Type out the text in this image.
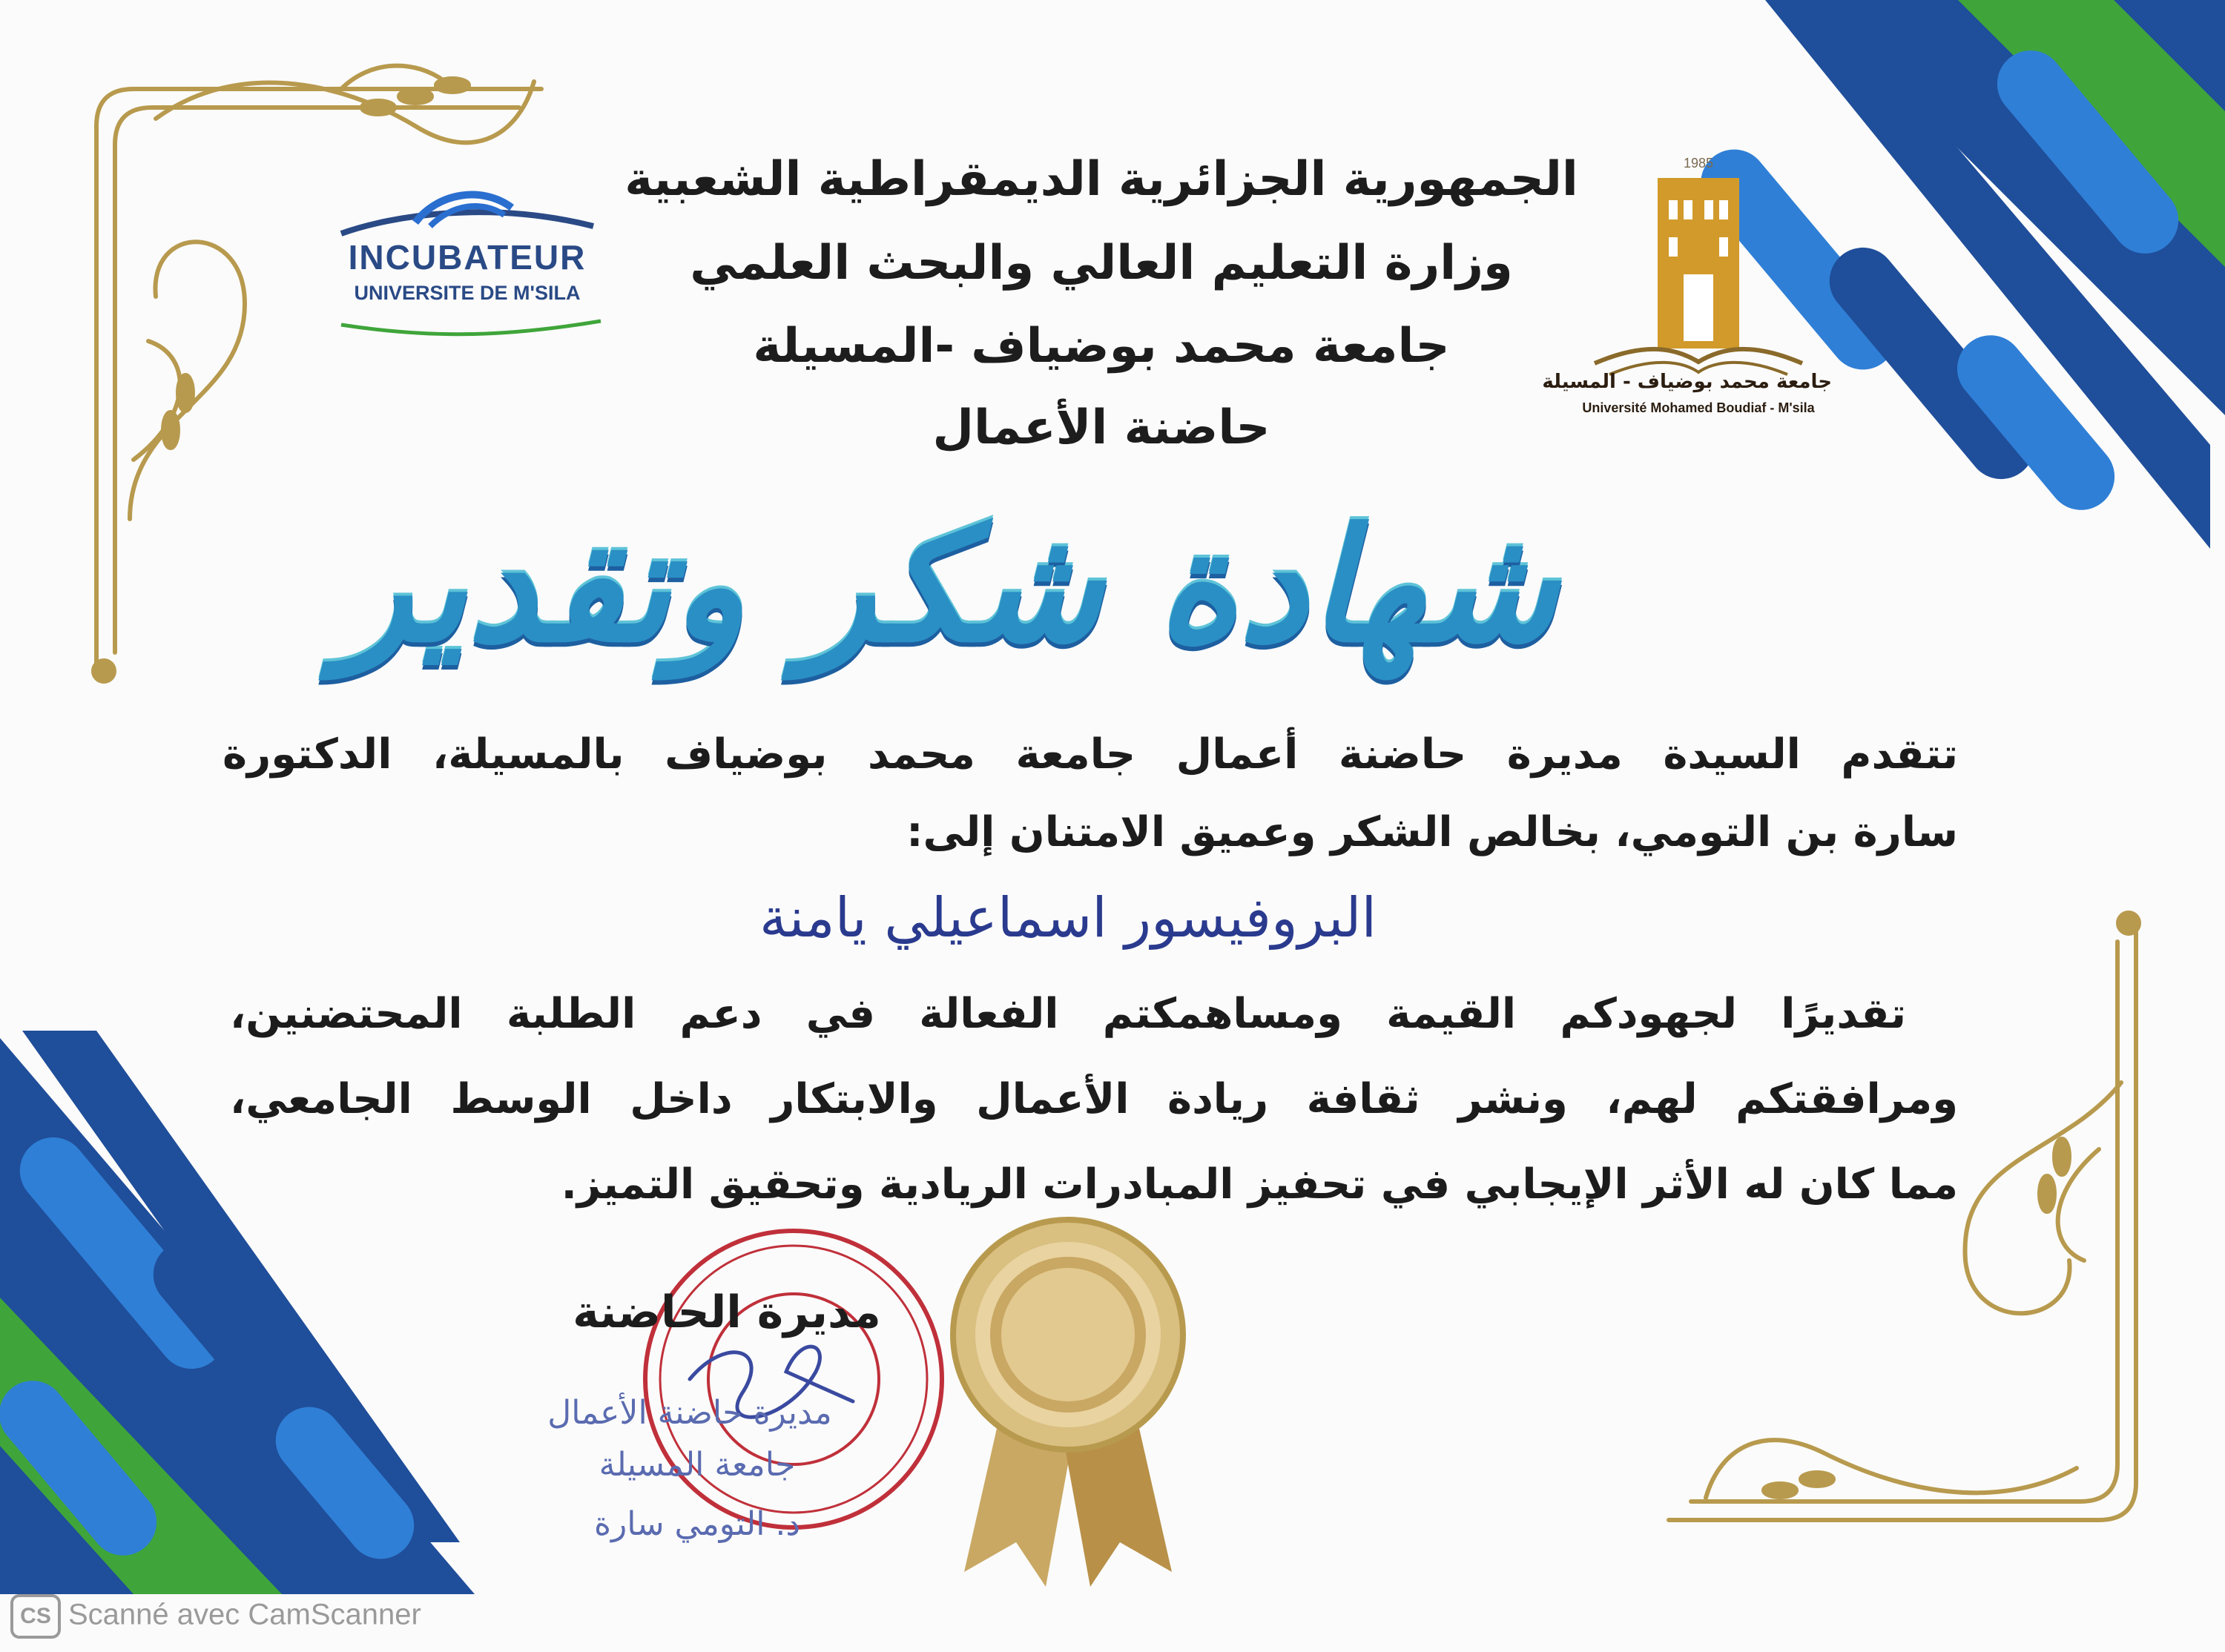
INCUBATEUR
UNIVERSITE DE M'SILA
1985
جامعة محمد بوضياف - المسيلة
Université Mohamed Boudiaf - M'sila
الجمهورية الجزائرية الديمقراطية الشعبية
وزارة التعليم العالي والبحث العلمي
جامعة محمد بوضياف -المسيلة
حاضنة الأعمال
شهادة شكر وتقدير
تتقدم السيدة مديرة حاضنة أعمال جامعة محمد بوضياف بالمسيلة، الدكتورة
سارة بن التومي، بخالص الشكر وعميق الامتنان إلى:
البروفيسور اسماعيلي يامنة
تقديرًا لجهودكم القيمة ومساهمكتم الفعالة في دعم الطلبة المحتضنين،
ومرافقتكم لهم، ونشر ثقافة ريادة الأعمال والابتكار داخل الوسط الجامعي،
مما كان له الأثر الإيجابي في تحفيز المبادرات الريادية وتحقيق التميز.
مديرة الحاضنة
مديرة حاضنة الأعمال
جامعة المسيلة
د. التومي سارة
CS Scanné avec CamScanner
